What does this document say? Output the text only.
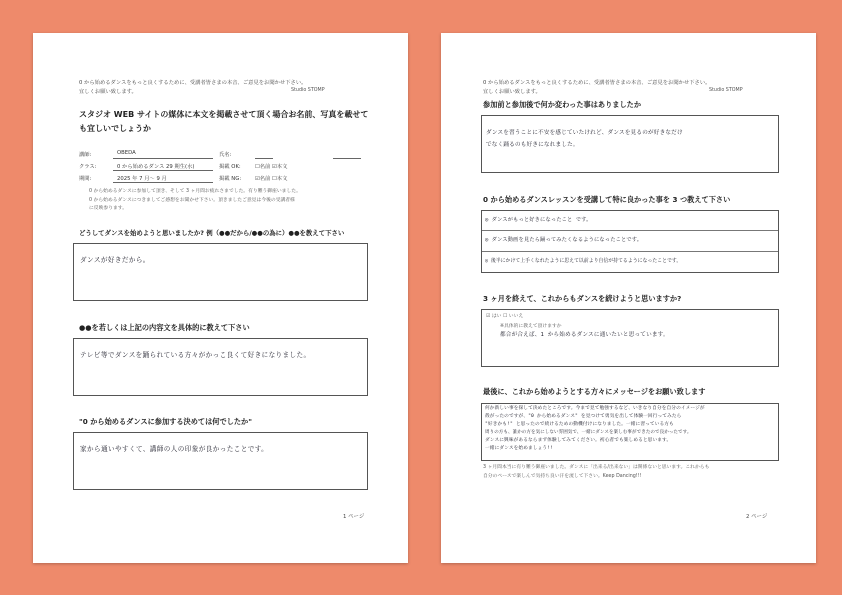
0 から始めるダンスをもっと良くするために、受講者皆さまの本音、ご意見をお聞かせ下さい。
宜しくお願い致します。	Studio STOMP
スタジオ WEB サイトの媒体に本文を掲載させて頂く場合お名前、写真を載せても宜しいでしょうか
講師:	OBEDA	氏名:
クラス:	0 から始めるダンス 29 期生(水)	掲載 OK:	☐名前 ☑本文
期間:	2025 年 7 月〜 9 月	掲載 NG:	☑名前 ☐本文
0 から始めるダンスに参加して頂き、そして 3 ヶ月間お疲れさまでした。有り難う御座いました。
0 から始めるダンスにつきましてご感想をお聞かせ下さい。頂きましたご意見は今後の受講者様
に反映参ります。
どうしてダンスを始めようと思いましたか? 例（●●だから/●●の為に）●●を教えて下さい
ダンスが好きだから。
●●を若しくは上記の内容文を具体的に教えて下さい
テレビ等でダンスを踊られている方々がかっこ良くて好きになりました。
"0 から始めるダンスに参加する決めては何でしたか"
家から通いやすくて、講師の人の印象が良かったことです。
1 ページ
0 から始めるダンスをもっと良くするために、受講者皆さまの本音、ご意見をお聞かせ下さい。
宜しくお願い致します。	Studio STOMP
参加前と参加後で何か変わった事はありましたか
ダンスを習うことに不安を感じていたけれど、ダンスを見るのが好きなだけ
でなく踊るのも好きになれました。
0 から始めるダンスレッスンを受講して特に良かった事を 3 つ教えて下さい
◎ ダンスがもっと好きになったこと です。
◎ ダンス動画を見たら踊ってみたくなるようになったことです。
◎ 後半にかけて上手くなれたように思えて以前より自信が持てるようになったことです。
3 ヶ月を終えて、これからもダンスを続けようと思いますか?
☑ はい ☐ いいえ
※具体的に教えて頂けますか
都合が合えば、1 から始めるダンスに通いたいと思っています。
最後に、これから始めようとする方々にメッセージをお願い致します
何か新しい事を探して決めたところです。今まで見て勉強するなど、いきなり自分を自分のイメージが
殻がったのですが、"0 から始めるダンス" を見つけて勇気を出して体験一回行ってみたら
"好きかも!" と思ったので続けるための動機付けになりました。一緒に習っている方も
周りの方も、誰かの方を気にしない雰囲気で、一緒にダンスを楽しむ事ができたので良かったです。
ダンスに興味があるならまず体験してみてください。初心者でも楽しめると思います。
一緒にダンスを始めましょう!!
3 ヶ月間本当に有り難う御座いました。ダンスに「出来る/出来ない」は関係ないと思います。これからも
自分のペースで楽しんで気持ち良い汗を流して下さい。Keep Dancing!!!
2 ページ
